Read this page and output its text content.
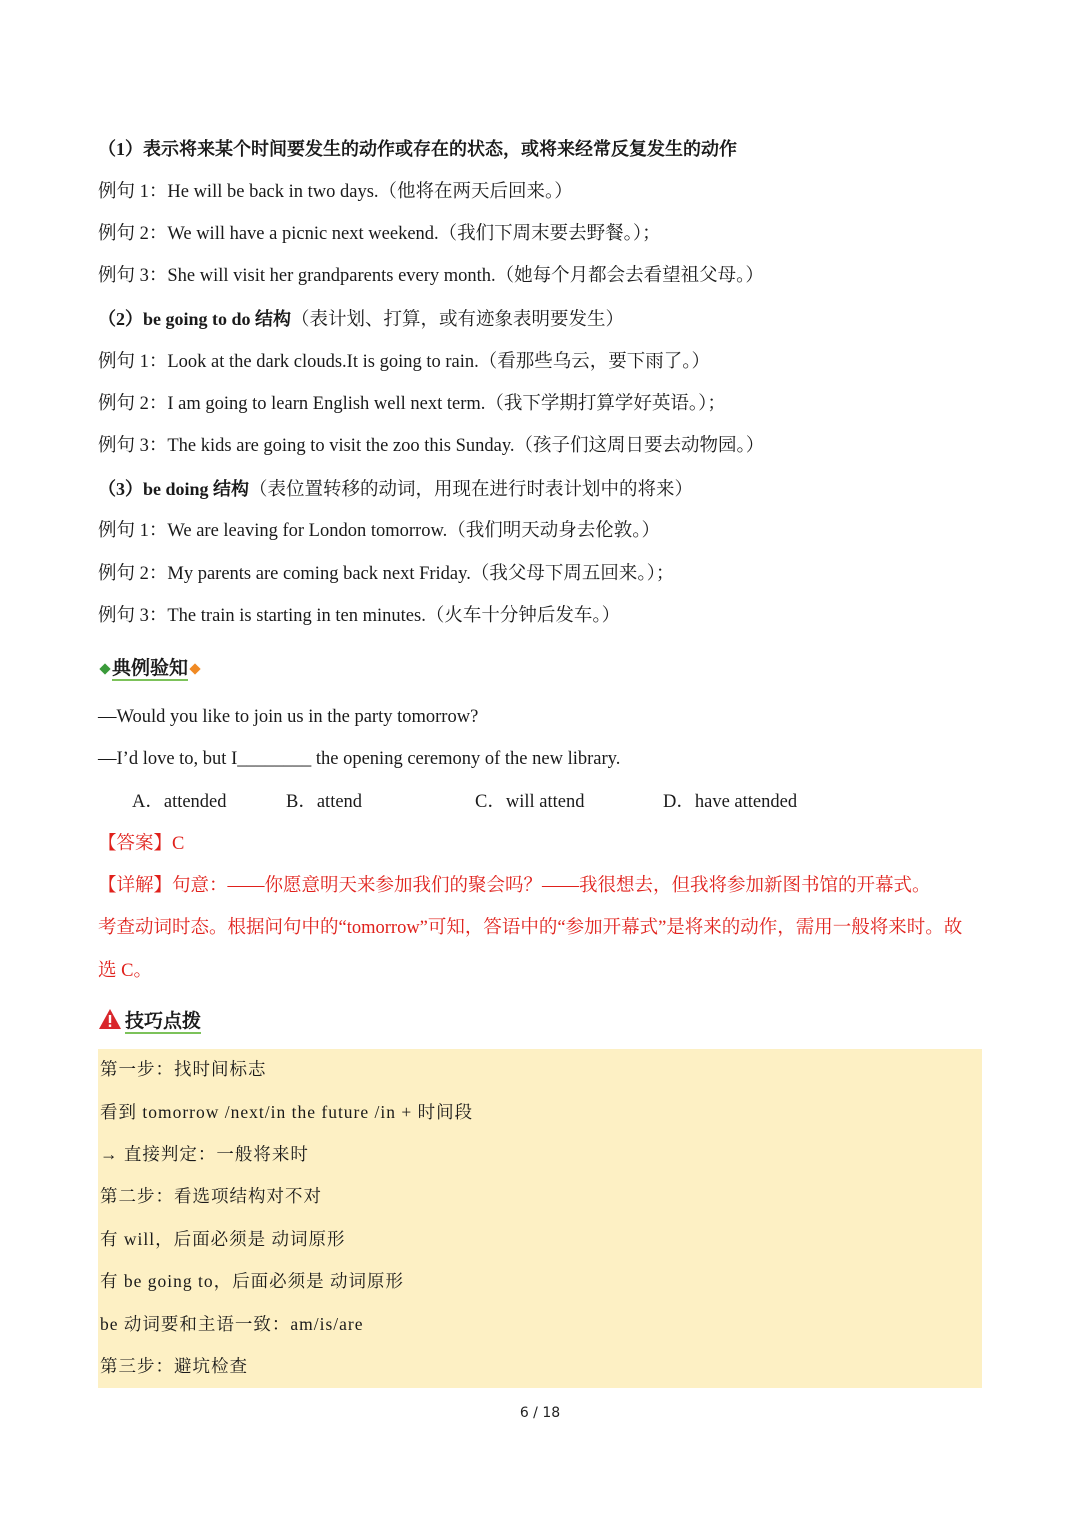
（1）表示将来某个时间要发生的动作或存在的状态，或将来经常反复发生的动作
例句 1：He will be back in two days.（他将在两天后回来。）
例句 2：We will have a picnic next weekend.（我们下周末要去野餐。）；
例句 3：She will visit her grandparents every month.（她每个月都会去看望祖父母。）
（2）be going to do 结构（表计划、打算，或有迹象表明要发生）
例句 1：Look at the dark clouds.It is going to rain.（看那些乌云，要下雨了。）
例句 2：I am going to learn English well next term.（我下学期打算学好英语。）；
例句 3：The kids are going to visit the zoo this Sunday.（孩子们这周日要去动物园。）
（3）be doing 结构（表位置转移的动词，用现在进行时表计划中的将来）
例句 1：We are leaving for London tomorrow.（我们明天动身去伦敦。）
例句 2：My parents are coming back next Friday.（我父母下周五回来。）；
例句 3：The train is starting in ten minutes.（火车十分钟后发车。）
典例验知
—Would you like to join us in the party tomorrow?
—I’d love to, but I________ the opening ceremony of the new library.
A．attended	B．attend	C．will attend	D．have attended
【答案】C
【详解】句意：——你愿意明天来参加我们的聚会吗？——我很想去，但我将参加新图书馆的开幕式。
考查动词时态。根据问句中的“tomorrow”可知，答语中的“参加开幕式”是将来的动作，需用一般将来时。故
选 C。
技巧点拨
第一步：找时间标志
看到 tomorrow /next/in the future /in + 时间段
→ 直接判定：一般将来时
第二步：看选项结构对不对
有 will，后面必须是 动词原形
有 be going to，后面必须是 动词原形
be 动词要和主语一致：am/is/are
第三步：避坑检查
6 / 18
